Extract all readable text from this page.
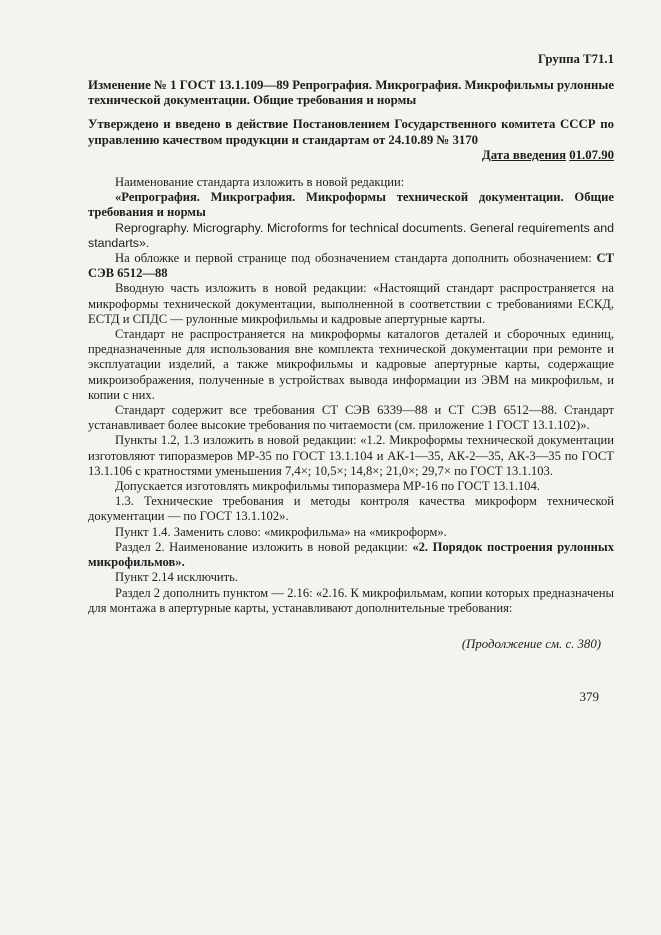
Группа Т71.1
Изменение № 1 ГОСТ 13.1.109—89 Репрография. Микрография. Микрофильмы рулонные технической документации. Общие требования и нормы
Утверждено и введено в действие Постановлением Государственного комитета СССР по управлению качеством продукции и стандартам от 24.10.89 № 3170
Дата введения 01.07.90

Наименование стандарта изложить в новой редакции:

«Репрография. Микрография. Микроформы технической документации. Общие требования и нормы

Reprography. Micrography. Microforms for technical documents. General requirements and standarts».

На обложке и первой странице под обозначением стандарта дополнить обозначением: СТ СЭВ 6512—88

Вводную часть изложить в новой редакции: «Настоящий стандарт распространяется на микроформы технической документации, выполненной в соответствии с требованиями ЕСКД, ЕСТД и СПДС — рулонные микрофильмы и кадровые апертурные карты.

Стандарт не распространяется на микроформы каталогов деталей и сборочных единиц, предназначенные для использования вне комплекта технической документации при ремонте и эксплуатации изделий, а также микрофильмы и кадровые апертурные карты, содержащие микроизображения, полученные в устройствах вывода информации из ЭВМ на микрофильм, и копии с них.

Стандарт содержит все требования СТ СЭВ 6339—88 и СТ СЭВ 6512—88. Стандарт устанавливает более высокие требования по читаемости (см. приложение 1 ГОСТ 13.1.102)».

Пункты 1.2, 1.3 изложить в новой редакции: «1.2. Микроформы технической документации изготовляют типоразмеров МР-35 по ГОСТ 13.1.104 и АК-1—35, АК-2—35, АК-3—35 по ГОСТ 13.1.106 с кратностями уменьшения 7,4×; 10,5×; 14,8×; 21,0×; 29,7× по ГОСТ 13.1.103.

Допускается изготовлять микрофильмы типоразмера МР-16 по ГОСТ 13.1.104.

1.3. Технические требования и методы контроля качества микроформ технической документации — по ГОСТ 13.1.102».

Пункт 1.4. Заменить слово: «микрофильма» на «микроформ».

Раздел 2. Наименование изложить в новой редакции: «2. Порядок построения рулонных микрофильмов».

Пункт 2.14 исключить.

Раздел 2 дополнить пунктом — 2.16: «2.16. К микрофильмам, копии которых предназначены для монтажа в апертурные карты, устанавливают дополнительные требования:

(Продолжение см. с. 380)
379
